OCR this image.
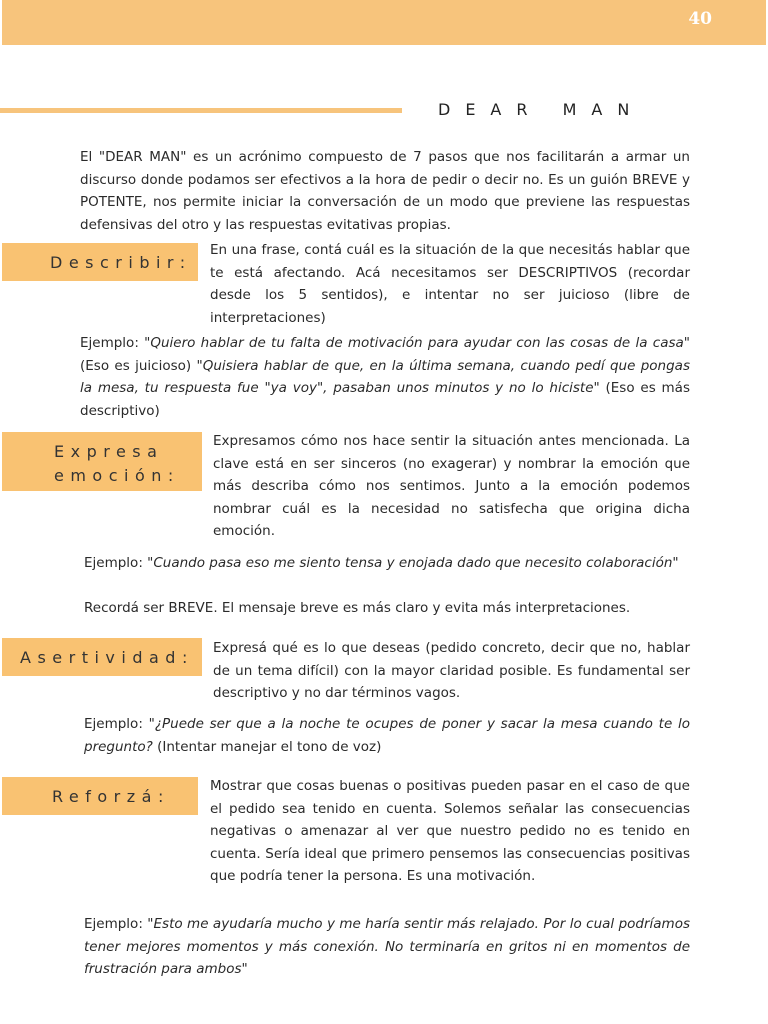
40
DEAR MAN

El "DEAR MAN" es un acrónimo compuesto de 7 pasos que nos facilitarán a armar un discurso donde podamos ser efectivos a la hora de pedir o decir no. Es un guión BREVE y POTENTE, nos permite iniciar la conversación de un modo que previene las respuestas defensivas del otro y las respuestas evitativas propias.

Describir:

En una frase, contá cuál es la situación de la que necesitás hablar que te está afectando. Acá necesitamos ser DESCRIPTIVOS (recordar desde los 5 sentidos), e intentar no ser juicioso (libre de interpretaciones)

Ejemplo: "Quiero hablar de tu falta de motivación para ayudar con las cosas de la casa" (Eso es juicioso) "Quisiera hablar de que, en la última semana, cuando pedí que pongas la mesa, tu respuesta fue "ya voy", pasaban unos minutos y no lo hiciste" (Eso es más descriptivo)

Expresa
emoción:

Expresamos cómo nos hace sentir la situación antes mencionada. La clave está en ser sinceros (no exagerar) y nombrar la emoción que más describa cómo nos sentimos. Junto a la emoción podemos nombrar cuál es la necesidad no satisfecha que origina dicha emoción.

Ejemplo: "Cuando pasa eso me siento tensa y enojada dado que necesito colaboración"

Recordá ser BREVE. El mensaje breve es más claro y evita más interpretaciones.

Asertividad:	Expresá qué es lo que deseas (pedido concreto, decir que no, hablar de un tema difícil) con la mayor claridad posible. Es fundamental ser descriptivo y no dar términos vagos.

Ejemplo: "¿Puede ser que a la noche te ocupes de poner y sacar la mesa cuando te lo pregunto? (Intentar manejar el tono de voz)

Reforzá:

Mostrar que cosas buenas o positivas pueden pasar en el caso de que el pedido sea tenido en cuenta. Solemos señalar las consecuencias negativas o amenazar al ver que nuestro pedido no es tenido en cuenta. Sería ideal que primero pensemos las consecuencias positivas que podría tener la persona. Es una motivación.

Ejemplo: "Esto me ayudaría mucho y me haría sentir más relajado. Por lo cual podríamos tener mejores momentos y más conexión. No terminaría en gritos ni en momentos de frustración para ambos"
